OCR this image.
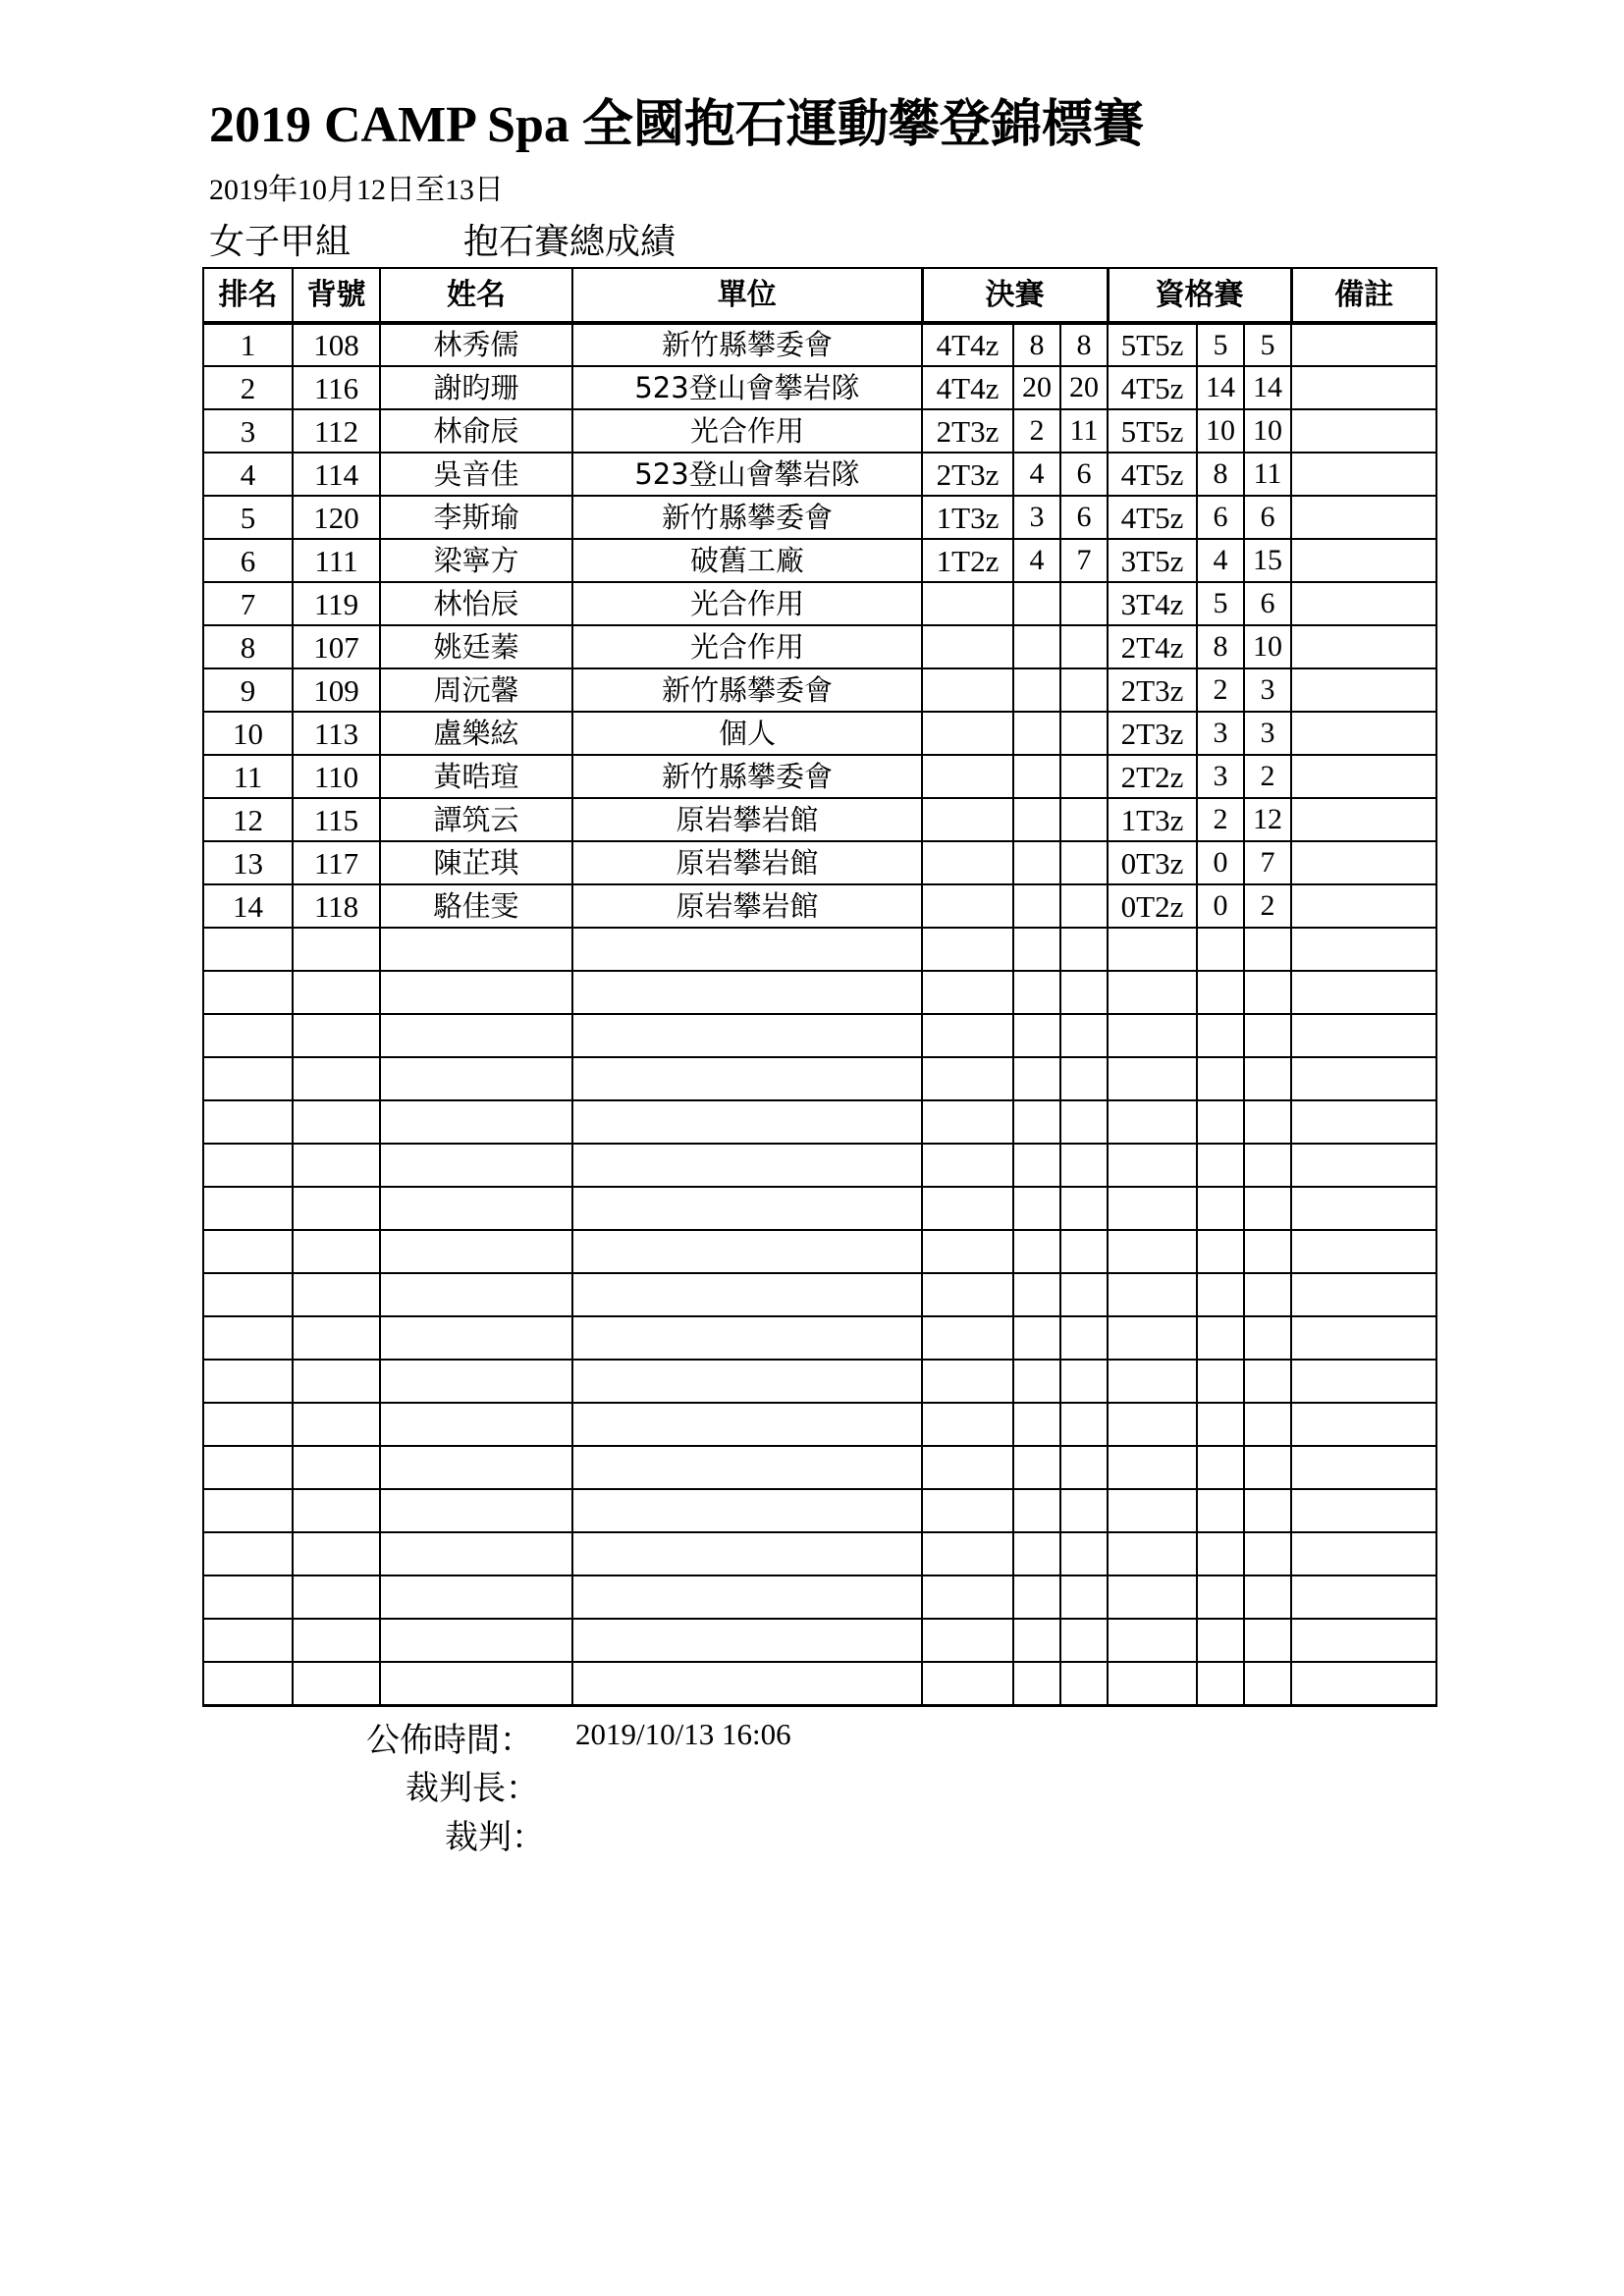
2019 CAMP Spa 全國抱石運動攀登錦標賽
2019年10月12日至13日
女子甲組	抱石賽總成績
排名	背號	姓名	單位	決賽			資格賽			備註
1	108	林秀儒	新竹縣攀委會	4T4z	8	8	5T5z	5	5	
2	116	謝昀珊	523登山會攀岩隊	4T4z	20	20	4T5z	14	14	
3	112	林俞辰	光合作用	2T3z	2	11	5T5z	10	10	
4	114	吳音佳	523登山會攀岩隊	2T3z	4	6	4T5z	8	11	
5	120	李斯瑜	新竹縣攀委會	1T3z	3	6	4T5z	6	6	
6	111	梁寧方	破舊工廠	1T2z	4	7	3T5z	4	15	
7	119	林怡辰	光合作用				3T4z	5	6	
8	107	姚廷蓁	光合作用				2T4z	8	10	
9	109	周沅馨	新竹縣攀委會				2T3z	2	3	
10	113	盧樂絃	個人				2T3z	3	3	
11	110	黃晧瑄	新竹縣攀委會				2T2z	3	2	
12	115	譚筑云	原岩攀岩館				1T3z	2	12	
13	117	陳芷琪	原岩攀岩館				0T3z	0	7	
14	118	駱佳雯	原岩攀岩館				0T2z	0	2	

公佈時間： 2019/10/13 16:06
裁判長：
裁判：
